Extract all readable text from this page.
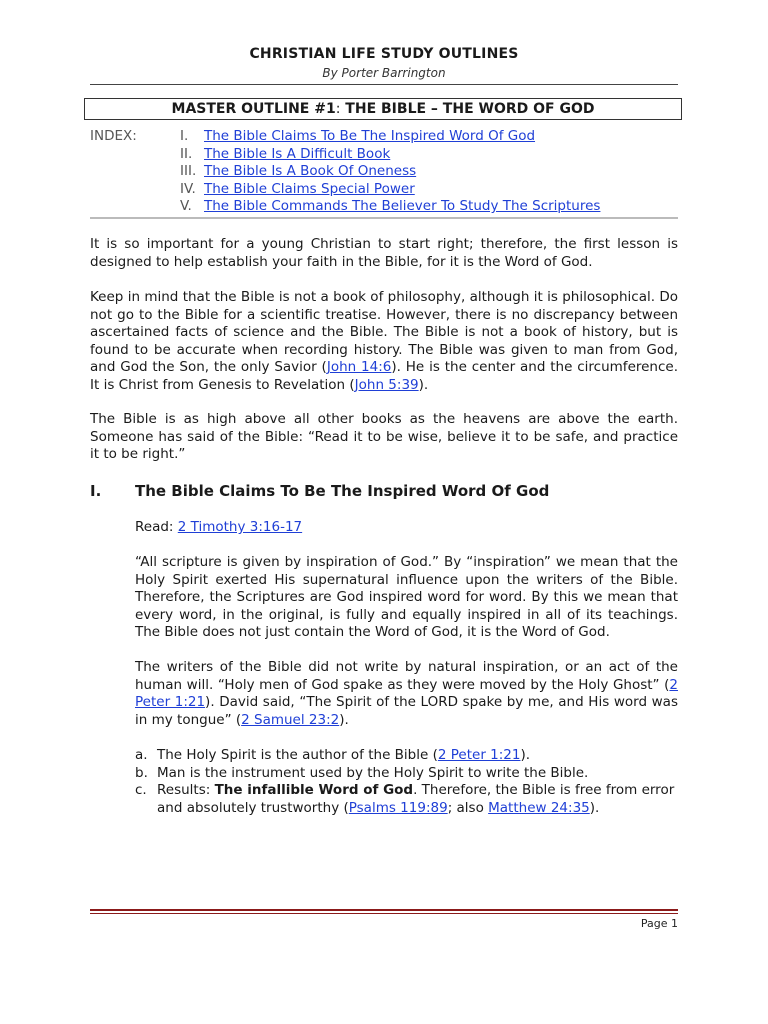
CHRISTIAN LIFE STUDY OUTLINES
By Porter Barrington
MASTER OUTLINE #1: THE BIBLE – THE WORD OF GOD
INDEX:	I. The Bible Claims To Be The Inspired Word Of God
II. The Bible Is A Difficult Book
III. The Bible Is A Book Of Oneness
IV. The Bible Claims Special Power
V. The Bible Commands The Believer To Study The Scriptures

It is so important for a young Christian to start right; therefore, the first lesson is designed to help establish your faith in the Bible, for it is the Word of God.

Keep in mind that the Bible is not a book of philosophy, although it is philosophical. Do not go to the Bible for a scientific treatise. However, there is no discrepancy between ascertained facts of science and the Bible. The Bible is not a book of history, but is found to be accurate when recording history. The Bible was given to man from God, and God the Son, the only Savior (John 14:6). He is the center and the circumference. It is Christ from Genesis to Revelation (John 5:39).

The Bible is as high above all other books as the heavens are above the earth. Someone has said of the Bible: “Read it to be wise, believe it to be safe, and practice it to be right.”

I. The Bible Claims To Be The Inspired Word Of God

Read: 2 Timothy 3:16-17

“All scripture is given by inspiration of God.” By “inspiration” we mean that the Holy Spirit exerted His supernatural influence upon the writers of the Bible. Therefore, the Scriptures are God inspired word for word. By this we mean that every word, in the original, is fully and equally inspired in all of its teachings. The Bible does not just contain the Word of God, it is the Word of God.

The writers of the Bible did not write by natural inspiration, or an act of the human will. “Holy men of God spake as they were moved by the Holy Ghost” (2 Peter 1:21). David said, “The Spirit of the LORD spake by me, and His word was in my tongue” (2 Samuel 23:2).

a. The Holy Spirit is the author of the Bible (2 Peter 1:21).
b. Man is the instrument used by the Holy Spirit to write the Bible.
c. Results: The infallible Word of God. Therefore, the Bible is free from error and absolutely trustworthy (Psalms 119:89; also Matthew 24:35).
Page 1
